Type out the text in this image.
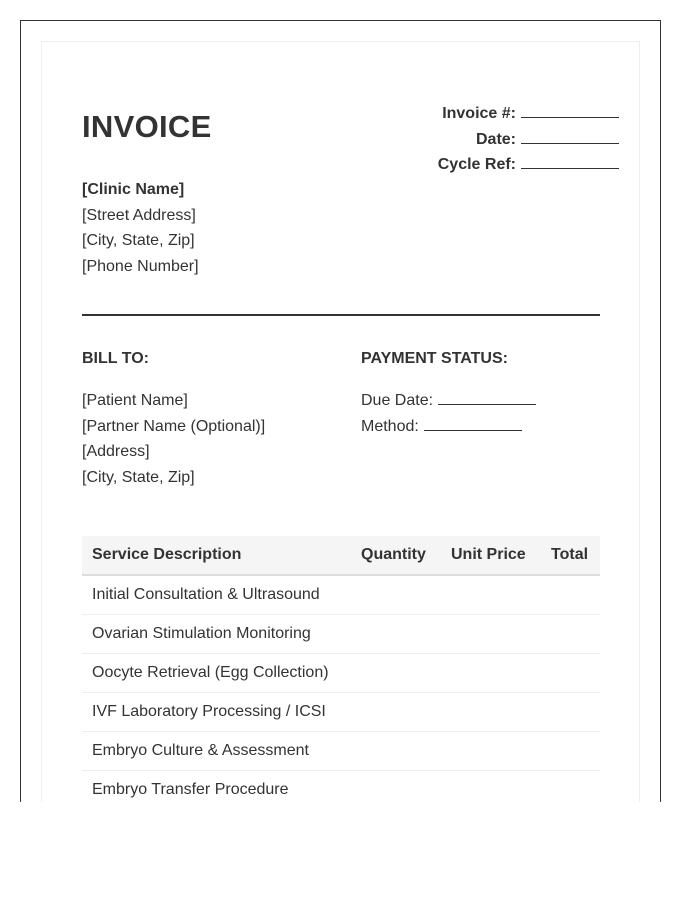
INVOICE	Invoice #:
Date:
Cycle Ref:
[Clinic Name]
[Street Address]
[City, State, Zip]
[Phone Number]
BILL TO:
[Patient Name]
[Partner Name (Optional)]
[Address]
[City, State, Zip]
PAYMENT STATUS:
Due Date:
Method:
Service Description	Quantity	Unit Price	Total
Initial Consultation & Ultrasound			
Ovarian Stimulation Monitoring			
Oocyte Retrieval (Egg Collection)			
IVF Laboratory Processing / ICSI			
Embryo Culture & Assessment			
Embryo Transfer Procedure			
